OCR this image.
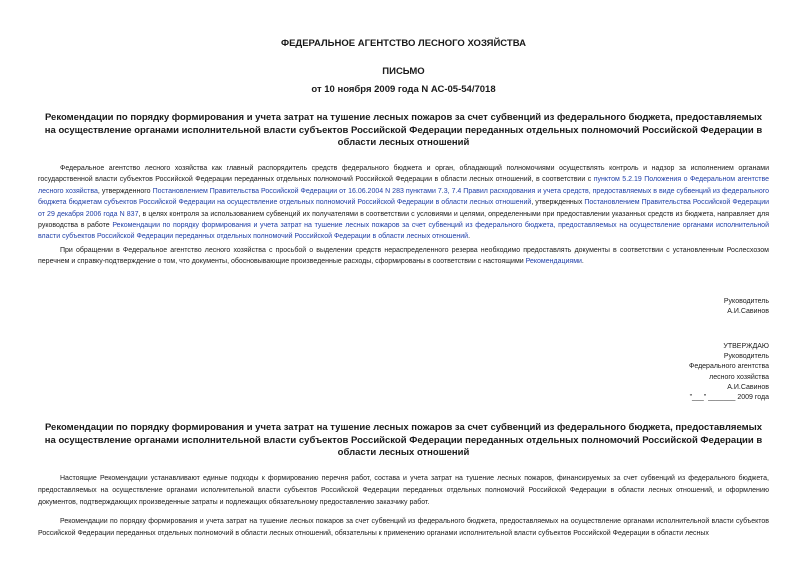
ФЕДЕРАЛЬНОЕ АГЕНТСТВО ЛЕСНОГО ХОЗЯЙСТВА
ПИСЬМО
от 10 ноября 2009 года N АС-05-54/7018
Рекомендации по порядку формирования и учета затрат на тушение лесных пожаров за счет субвенций из федерального бюджета, предоставляемых на осуществление органами исполнительной власти субъектов Российской Федерации переданных отдельных полномочий Российской Федерации в области лесных отношений
Федеральное агентство лесного хозяйства как главный распорядитель средств федерального бюджета и орган, обладающий полномочиями осуществлять контроль и надзор за исполнением органами государственной власти субъектов Российской Федерации переданных отдельных полномочий Российской Федерации в области лесных отношений, в соответствии с пунктом 5.2.19 Положения о Федеральном агентстве лесного хозяйства, утвержденного Постановлением Правительства Российской Федерации от 16.06.2004 N 283 пунктами 7.3, 7.4 Правил расходования и учета средств, предоставляемых в виде субвенций из федерального бюджета бюджетам субъектов Российской Федерации на осуществление отдельных полномочий Российской Федерации в области лесных отношений, утвержденных Постановлением Правительства Российской Федерации от 29 декабря 2006 года N 837, в целях контроля за использованием субвенций их получателями в соответствии с условиями и целями, определенными при предоставлении указанных средств из бюджета, направляет для руководства в работе Рекомендации по порядку формирования и учета затрат на тушение лесных пожаров за счет субвенций из федерального бюджета, предоставляемых на осуществление органами исполнительной власти субъектов Российской Федерации переданных отдельных полномочий Российской Федерации в области лесных отношений.
При обращении в Федеральное агентство лесного хозяйства с просьбой о выделении средств нераспределенного резерва необходимо предоставлять документы в соответствии с установленным Рослесхозом перечнем и справку-подтверждение о том, что документы, обосновывающие произведенные расходы, сформированы в соответствии с настоящими Рекомендациями.
Руководитель
А.И.Савинов
УТВЕРЖДАЮ
Руководитель
Федерального агентства
лесного хозяйства
А.И.Савинов
"___" _______ 2009 года
Рекомендации по порядку формирования и учета затрат на тушение лесных пожаров за счет субвенций из федерального бюджета, предоставляемых на осуществление органами исполнительной власти субъектов Российской Федерации переданных отдельных полномочий Российской Федерации в области лесных отношений
Настоящие Рекомендации устанавливают единые подходы к формированию перечня работ, состава и учета затрат на тушение лесных пожаров, финансируемых за счет субвенций из федерального бюджета, предоставляемых на осуществление органами исполнительной власти субъектов Российской Федерации переданных отдельных полномочий Российской Федерации в области лесных отношений, и оформлению документов, подтверждающих произведенные затраты и подлежащих обязательному предоставлению заказчику работ.
Рекомендации по порядку формирования и учета затрат на тушение лесных пожаров за счет субвенций из федерального бюджета, предоставляемых на осуществление органами исполнительной власти субъектов Российской Федерации переданных отдельных полномочий в области лесных отношений, обязательны к применению органами исполнительной власти субъектов Российской Федерации в области лесных
